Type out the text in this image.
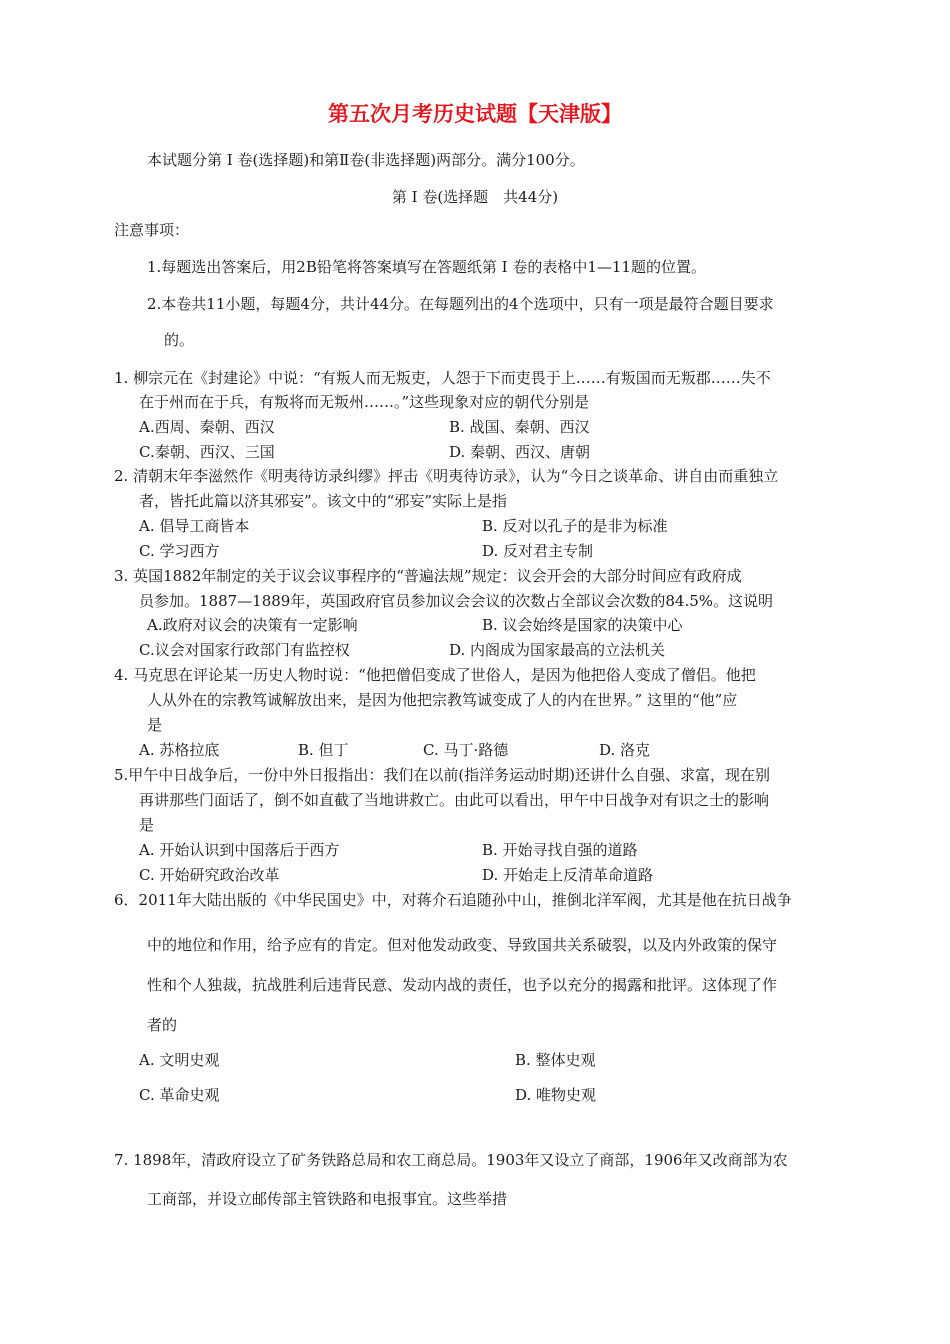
第五次月考历史试题【天津版】
本试题分第 I 卷(选择题)和第Ⅱ卷(非选择题)两部分。满分100分。
第 I 卷(选择题　共44分)
注意事项：
1.每题选出答案后，用2B铅笔将答案填写在答题纸第 I 卷的表格中1—11题的位置。
2.本卷共11小题，每题4分，共计44分。在每题列出的4个选项中，只有一项是最符合题目要求
的。
1. 柳宗元在《封建论》中说：“有叛人而无叛吏，人怨于下而吏畏于上……有叛国而无叛郡……失不
在于州而在于兵，有叛将而无叛州……。”这些现象对应的朝代分别是
A.西周、秦朝、西汉	B. 战国、秦朝、西汉
C.秦朝、西汉、三国	D. 秦朝、西汉、唐朝
2. 清朝末年李滋然作《明夷待访录纠缪》抨击《明夷待访录》，认为“今日之谈革命、讲自由而重独立
者，皆托此篇以济其邪妄”。该文中的“邪妄”实际上是指
A. 倡导工商皆本	B. 反对以孔子的是非为标准
C. 学习西方	D. 反对君主专制
3. 英国1882年制定的关于议会议事程序的“普遍法规”规定：议会开会的大部分时间应有政府成
员参加。1887—1889年，英国政府官员参加议会会议的次数占全部议会次数的84.5%。这说明
A.政府对议会的决策有一定影响	B. 议会始终是国家的决策中心
C.议会对国家行政部门有监控权	D. 内阁成为国家最高的立法机关
4. 马克思在评论某一历史人物时说：“他把僧侣变成了世俗人，是因为他把俗人变成了僧侣。他把
人从外在的宗教笃诚解放出来，是因为他把宗教笃诚变成了人的内在世界。” 这里的“他”应
是
A. 苏格拉底	B. 但丁	C. 马丁·路德	D. 洛克
5.甲午中日战争后，一份中外日报指出：我们在以前(指洋务运动时期)还讲什么自强、求富，现在别
再讲那些门面话了，倒不如直截了当地讲救亡。由此可以看出，甲午中日战争对有识之士的影响
是
A. 开始认识到中国落后于西方	B. 开始寻找自强的道路
C. 开始研究政治改革	D. 开始走上反清革命道路
6．2011年大陆出版的《中华民国史》中，对蒋介石追随孙中山，推倒北洋军阀，尤其是他在抗日战争
中的地位和作用，给予应有的肯定。但对他发动政变、导致国共关系破裂，以及内外政策的保守
性和个人独裁，抗战胜利后违背民意、发动内战的责任，也予以充分的揭露和批评。这体现了作
者的
A. 文明史观	B. 整体史观
C. 革命史观	D. 唯物史观
7. 1898年，清政府设立了矿务铁路总局和农工商总局。1903年又设立了商部，1906年又改商部为农
工商部，并设立邮传部主管铁路和电报事宜。这些举措
